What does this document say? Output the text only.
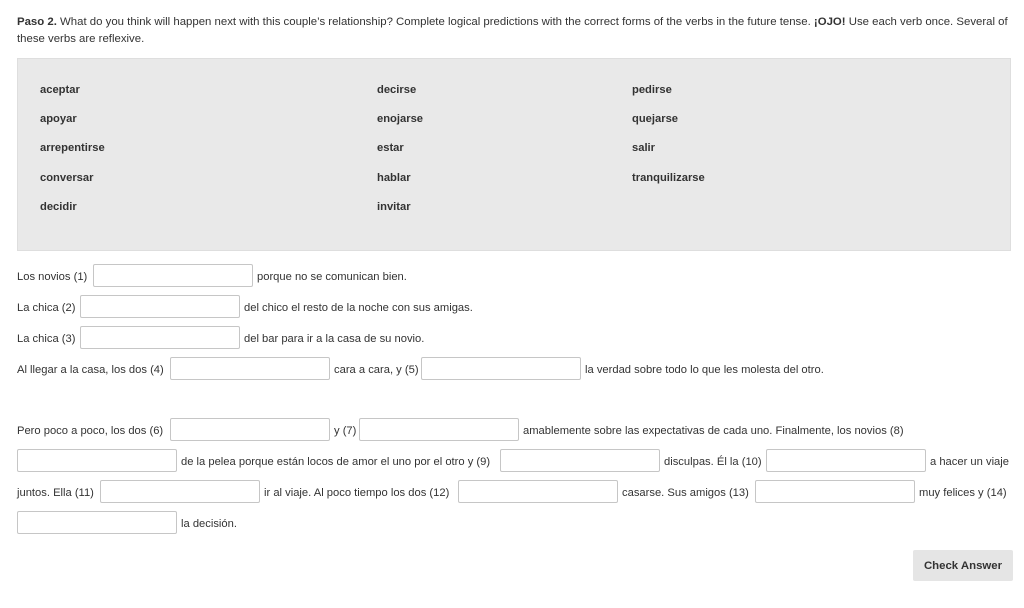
Paso 2. What do you think will happen next with this couple’s relationship? Complete logical predictions with the correct forms of the verbs in the future tense. ¡OJO! Use each verb once. Several of these verbs are reflexive.
aceptar
apoyar
arrepentirse
conversar
decidir
decirse
enojarse
estar
hablar
invitar
pedirse
quejarse
salir
tranquilizarse
Los novios (1)	porque no se comunican bien.
La chica (2)	del chico el resto de la noche con sus amigas.
La chica (3)	del bar para ir a la casa de su novio.
Al llegar a la casa, los dos (4)	cara a cara, y (5)	la verdad sobre todo lo que les molesta del otro.
Pero poco a poco, los dos (6)	y (7)	amablemente sobre las expectativas de cada uno. Finalmente, los novios (8)
de la pelea porque están locos de amor el uno por el otro y (9)	disculpas. Él la (10)	a hacer un viaje
juntos. Ella (11)	ir al viaje. Al poco tiempo los dos (12)	casarse. Sus amigos (13)	muy felices y (14)
la decisión.
Check Answer
